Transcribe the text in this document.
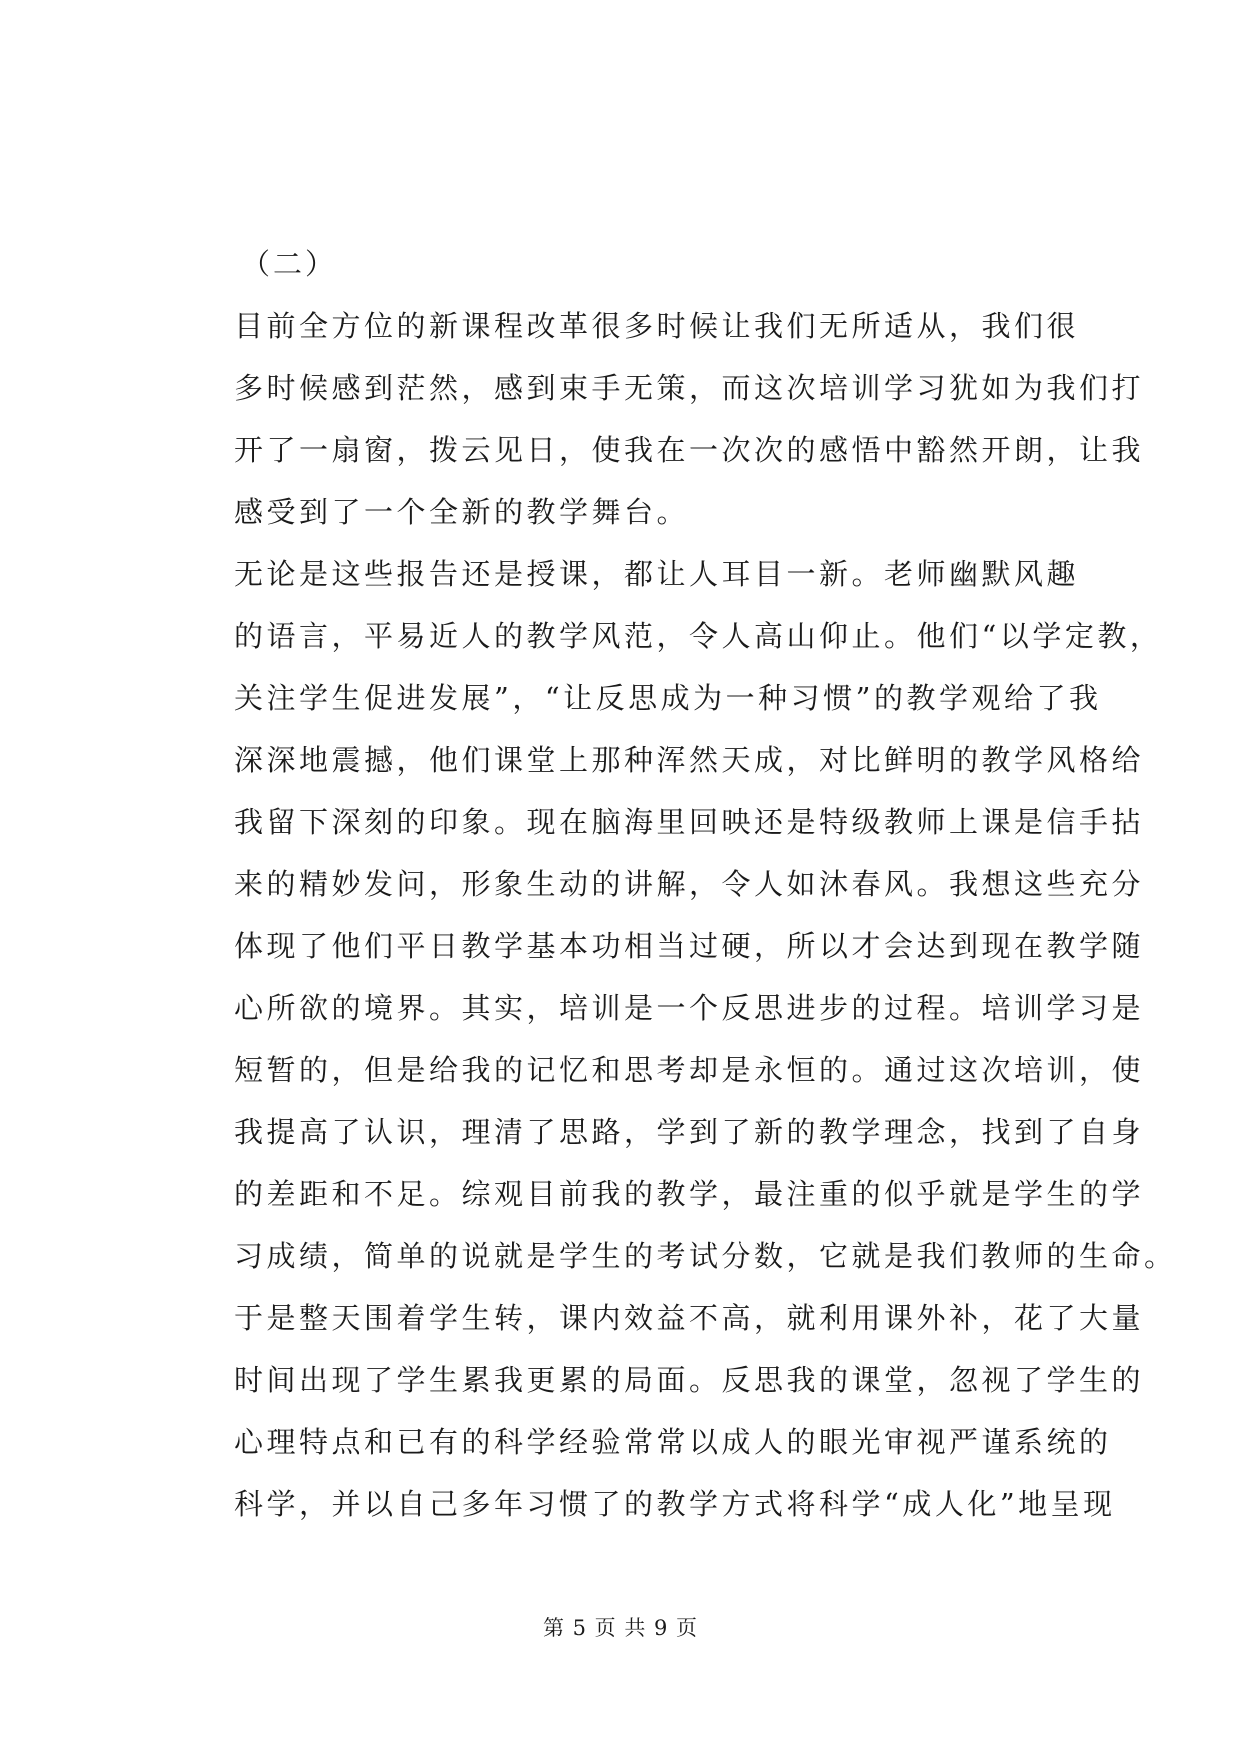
（二）

目前全方位的新课程改革很多时候让我们无所适从，我们很
多时候感到茫然，感到束手无策，而这次培训学习犹如为我们打
开了一扇窗，拨云见日，使我在一次次的感悟中豁然开朗，让我
感受到了一个全新的教学舞台。
无论是这些报告还是授课，都让人耳目一新。老师幽默风趣
的语言，平易近人的教学风范，令人高山仰止。他们“以学定教，
关注学生促进发展”，“让反思成为一种习惯”的教学观给了我
深深地震撼，他们课堂上那种浑然天成，对比鲜明的教学风格给
我留下深刻的印象。现在脑海里回映还是特级教师上课是信手拈
来的精妙发问，形象生动的讲解，令人如沐春风。我想这些充分
体现了他们平日教学基本功相当过硬，所以才会达到现在教学随
心所欲的境界。其实，培训是一个反思进步的过程。培训学习是
短暂的，但是给我的记忆和思考却是永恒的。通过这次培训，使
我提高了认识，理清了思路，学到了新的教学理念，找到了自身
的差距和不足。综观目前我的教学，最注重的似乎就是学生的学
习成绩，简单的说就是学生的考试分数，它就是我们教师的生命。
于是整天围着学生转，课内效益不高，就利用课外补，花了大量
时间出现了学生累我更累的局面。反思我的课堂，忽视了学生的
心理特点和已有的科学经验常常以成人的眼光审视严谨系统的
科学，并以自己多年习惯了的教学方式将科学“成人化”地呈现
第 5 页 共 9 页
